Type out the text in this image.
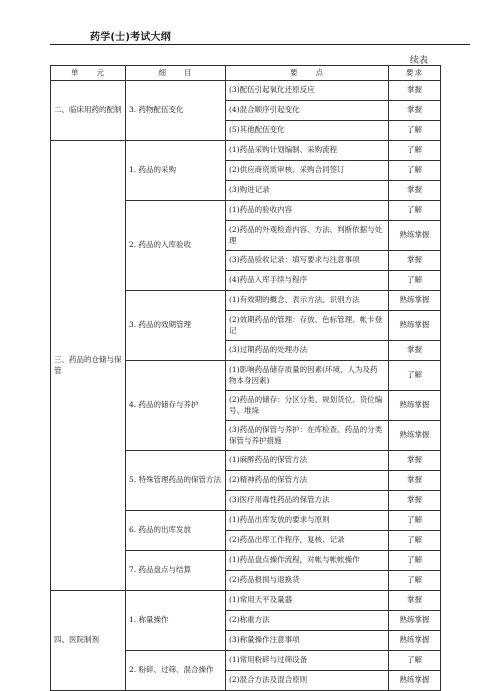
药学(士)考试大纲
续表
单　　元	细　　目	要　　点	要求
二、临床用药的配制	3. 药物配伍变化	(3)配伍引起氧化还原反应	掌握
		(4)混合顺序引起变化	掌握
		(5)其他配伍变化	了解
三、药品的仓储与保管	1. 药品的采购	(1)药品采购计划编制、采购流程	了解
		(2)供应商资质审核、采购合同签订	了解
		(3)购进记录	掌握
	2. 药品的入库验收	(1)药品的验收内容	了解
		(2)药品的外观检查内容、方法、判断依据与处理	熟练掌握
		(3)药品验收记录：填写要求与注意事项	掌握
		(4)药品入库手续与程序	了解
	3. 药品的效期管理	(1)有效期的概念、表示方法、识别方法	熟练掌握
		(2)效期药品的管理：存放、色标管理、帐卡登记	熟练掌握
		(3)过期药品的处理办法	掌握
	4. 药品的储存与养护	(1)影响药品储存质量的因素(环境、人为及药物本身因素)	了解
		(2)药品的储存：分区分类、规划货位、货位编号、堆垛	熟练掌握
		(3)药品的保管与养护：在库检查、药品的分类保管与养护措施	熟练掌握
	5. 特殊管理药品的保管方法	(1)麻醉药品的保管方法	掌握
		(2)精神药品的保管方法	掌握
		(3)医疗用毒性药品的保管方法	掌握
	6. 药品的出库发放	(1)药品出库发放的要求与原则	了解
		(2)药品出库工作程序，复核、记录	了解
	7. 药品盘点与结算	(1)药品盘点操作流程，对帐与帐帐操作	了解
		(2)药品报损与退换货	了解
四、医院制剂	1. 称量操作	(1)常用天平及量器	掌握
		(2)称重方法	熟练掌握
		(3)称量操作注意事项	熟练掌握
	2. 粉碎、过筛、混合操作	(1)常用粉碎与过筛设备	了解
		(2)混合方法及混合原则	熟练掌握
